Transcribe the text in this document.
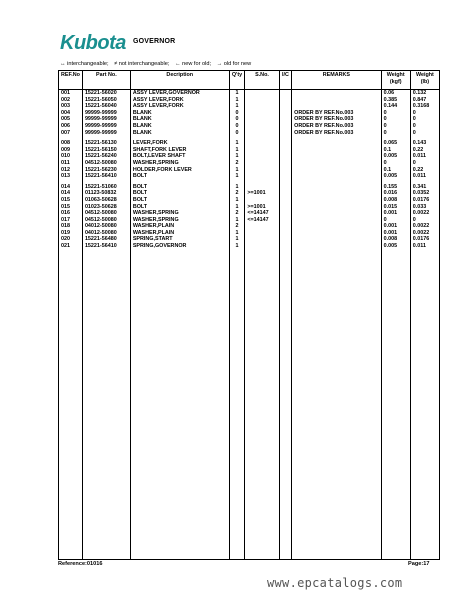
Kubota GOVERNOR
↔ interchangeable; ≠ not interchangeable; ← new for old; → old for new
REF.No	Part No.	Decription	Q'ty	S.No.	I/C	REMARKS	Weight (kgf)	Weight (lb)
001	15221-56020	ASSY LEVER,GOVERNOR	1				0.06	0.132
002	15221-56050	ASSY LEVER,FORK	1				0.385	0.847
003	15221-56040	ASSY LEVER,FORK	1				0.144	0.3168
004	99999-99999	BLANK	0			ORDER BY REF.No.003	0	0
005	99999-99999	BLANK	0			ORDER BY REF.No.003	0	0
006	99999-99999	BLANK	0			ORDER BY REF.No.003	0	0
007	99999-99999	BLANK	0			ORDER BY REF.No.003	0	0

008	15221-56130	LEVER,FORK	1				0.065	0.143
009	15221-56150	SHAFT,FORK LEVER	1				0.1	0.22
010	15221-56240	BOLT,LEVER SHAFT	1				0.005	0.011
011	04512-50080	WASHER,SPRING	2				0	0
012	15221-56230	HOLDER,FORK LEVER	1				0.1	0.22
013	15221-56410	BOLT	1				0.005	0.011

014	15221-51060	BOLT	1				0.155	0.341
014	01123-50832	BOLT	2	>=1001			0.016	0.0352
015	01063-50628	BOLT	1				0.008	0.0176
015	01023-50628	BOLT	1	>=1001			0.015	0.033
016	04512-50080	WASHER,SPRING	2	<=14147			0.001	0.0022
017	04512-50080	WASHER,SPRING	1	<=14147			0	0
018	04012-50080	WASHER,PLAIN	2				0.001	0.0022
019	04012-50080	WASHER,PLAIN	1				0.001	0.0022
020	15221-56480	SPRING,START	1				0.008	0.0176
021	15221-56410	SPRING,GOVERNOR	1				0.005	0.011

Reference:01016	Page:17
www.epcatalogs.com
